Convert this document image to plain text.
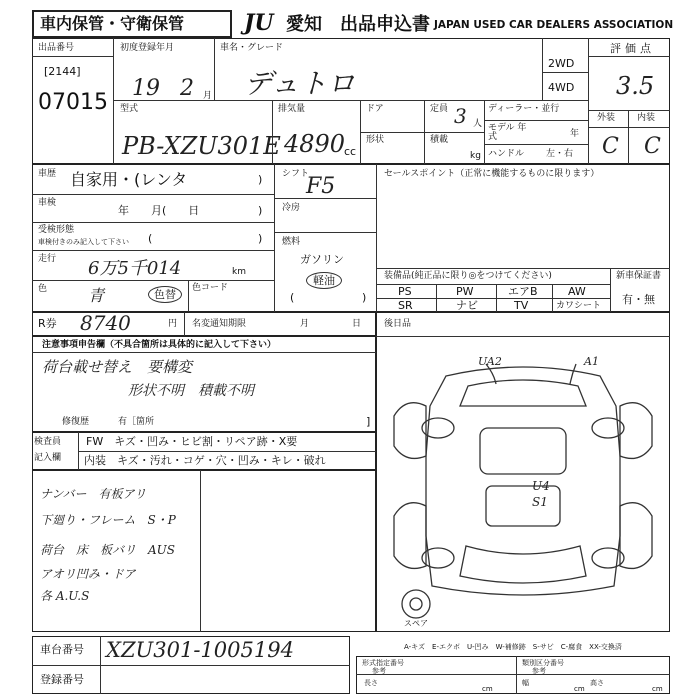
車内保管・守衛保管	JU 愛知 出品申込書 JAPAN USED CAR DEALERS ASSOCIATION
出品番号
[2144]
07015
初度登録年月
19 2 月
車名・グレード
デュトロ
2WD
4WD
評価点
3.5
外装 内装
C C
型式
PB-XZU301E
排気量
4890
cc
ドア	定員 3 人
ディーラー・並行
形状	積載
kg
モデル 年式	年
ハンドル 左・右
車歴 自家用・(レンタ	)
車検
年　　月(　　日	)
受検形態
車検付きのみ記入して下さい (	)
走行 6万5千014	km
色	青	色替	色コード
シフト
F5
冷房
燃料
ガソリン
軽油
(	)
セールスポイント（正常に機能するものに限ります）
装備品(純正品に限り◎をつけてください)	新車保証書
有・無
PS	PW	エアB	AW
SR	ナビ	TV	カワシート
R券 8740	円 名変通知期限	月	日	後日品
注意事項申告欄（不具合箇所は具体的に記入して下さい）
荷台載せ替え　要構変
形状不明　積載不明
修復歴	有［箇所	]
検査員
記入欄
FW　キズ・凹み・ヒビ割・リペア跡・X要
内装　キズ・汚れ・コゲ・穴・凹み・キレ・破れ
ナンバー　有板アリ
下廻り・フレーム　S・P
荷台　床　板バリ　AUS
アオリ凹み・ドア
各 A.U.S
UA2	A1
U4
S1
スペア
A-キズ　E-エクボ　U-凹み　W-補修跡　S-サビ　C-腐食　XX-交換済
車台番号 XZU301-1005194
登録番号
形式指定番号	類別区分番号
参考	参考
長さ
cm
幅
cm
高さ
cm
